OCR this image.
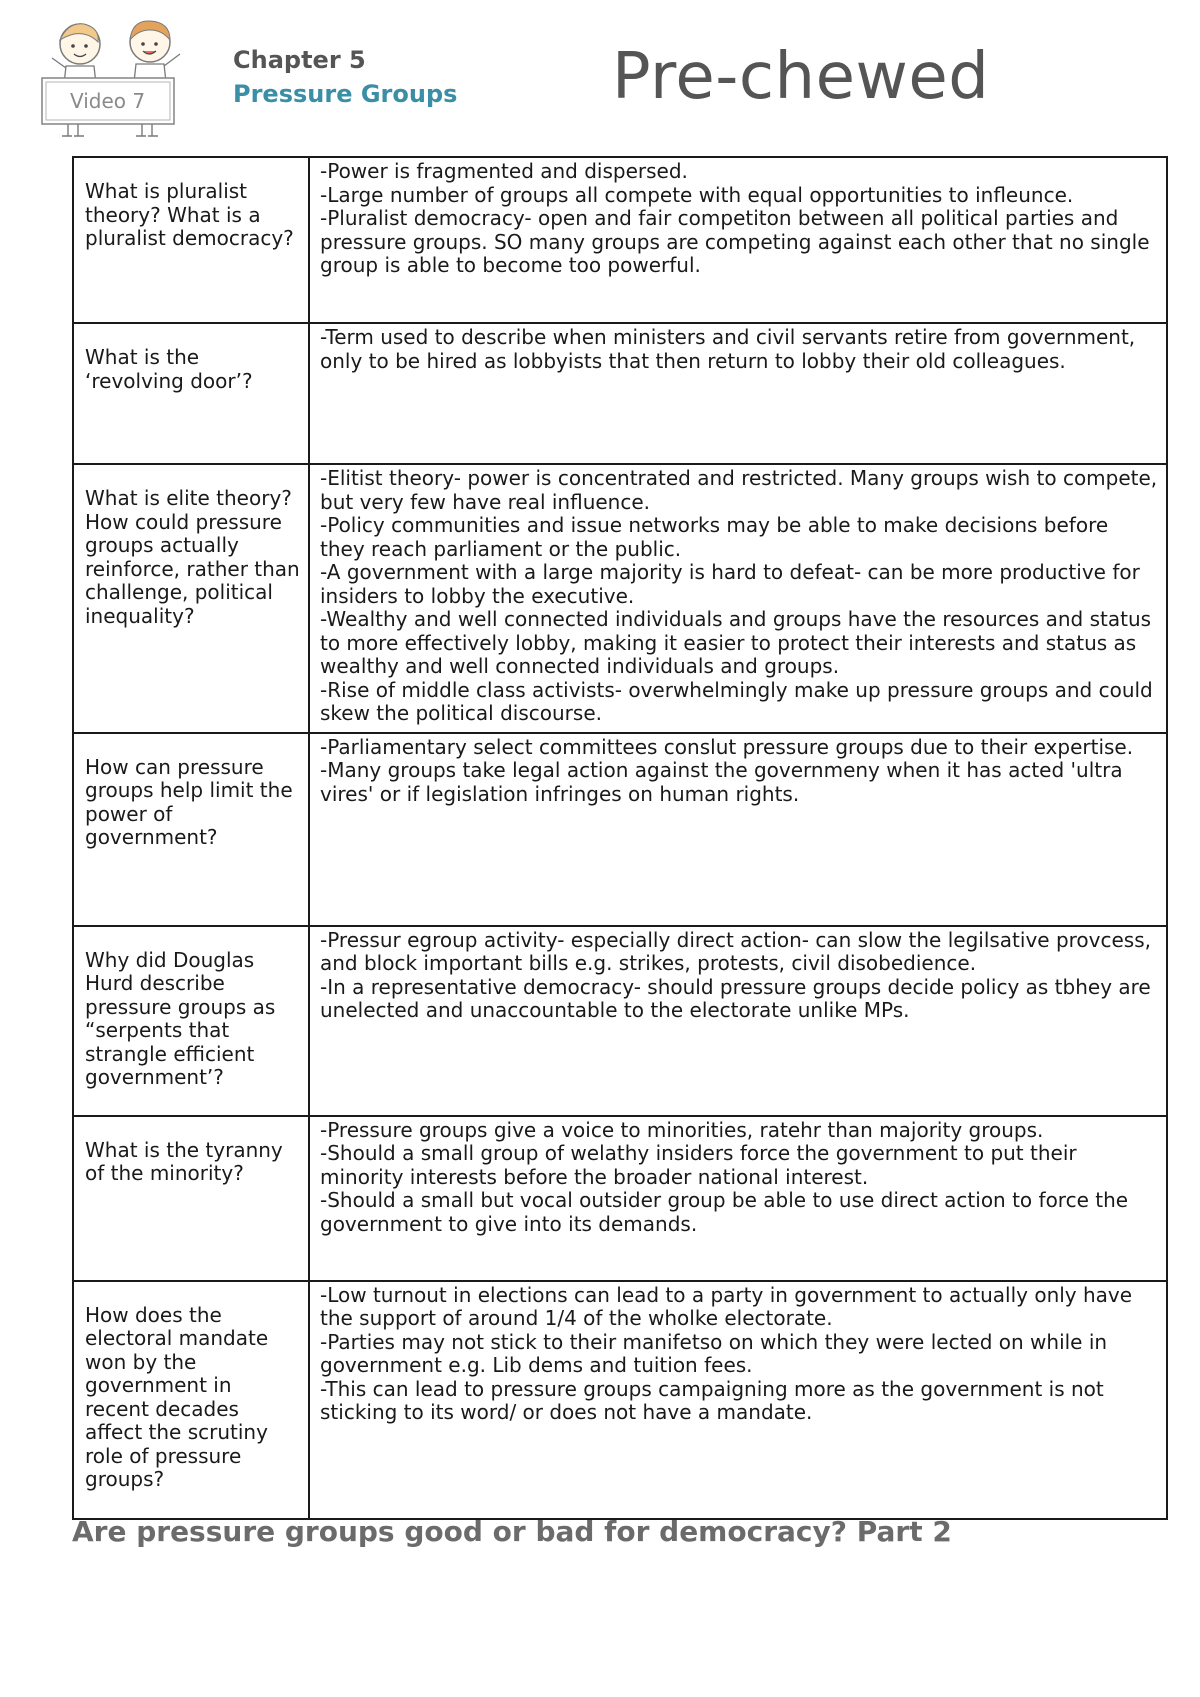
Video 7
Chapter 5
Pressure Groups Pre-chewed
What is pluralist theory? What is a pluralist democracy?	-Power is fragmented and dispersed.
-Large number of groups all compete with equal opportunities to infleunce.
-Pluralist democracy- open and fair competiton between all political parties and pressure groups. SO many groups are competing against each other that no single group is able to become too powerful.

What is the ‘revolving door’?	-Term used to describe when ministers and civil servants retire from government, only to be hired as lobbyists that then return to lobby their old colleagues.

What is elite theory? How could pressure groups actually reinforce, rather than challenge, political inequality?	-Elitist theory- power is concentrated and restricted. Many groups wish to compete, but very few have real influence.
-Policy communities and issue networks may be able to make decisions before they reach parliament or the public.
-A government with a large majority is hard to defeat- can be more productive for insiders to lobby the executive.
-Wealthy and well connected individuals and groups have the resources and status to more effectively lobby, making it easier to protect their interests and status as wealthy and well connected individuals and groups.
-Rise of middle class activists- overwhelmingly make up pressure groups and could skew the political discourse.

How can pressure groups help limit the power of government?	-Parliamentary select committees conslut pressure groups due to their expertise.
-Many groups take legal action against the governmeny when it has acted 'ultra vires' or if legislation infringes on human rights.

Why did Douglas Hurd describe pressure groups as “serpents that strangle efficient government’?	-Pressur egroup activity- especially direct action- can slow the legilsative provcess, and block important bills e.g. strikes, protests, civil disobedience.
-In a representative democracy- should pressure groups decide policy as tbhey are unelected and unaccountable to the electorate unlike MPs.

What is the tyranny of the minority?	-Pressure groups give a voice to minorities, ratehr than majority groups.
-Should a small group of welathy insiders force the government to put their minority interests before the broader national interest.
-Should a small but vocal outsider group be able to use direct action to force the government to give into its demands.

How does the electoral mandate won by the government in recent decades affect the scrutiny role of pressure groups?	-Low turnout in elections can lead to a party in government to actually only have the support of around 1/4 of the wholke electorate.
-Parties may not stick to their manifetso on which they were lected on while in government e.g. Lib dems and tuition fees.
-This can lead to pressure groups campaigning more as the government is not sticking to its word/ or does not have a mandate.
Are pressure groups good or bad for democracy? Part 2
